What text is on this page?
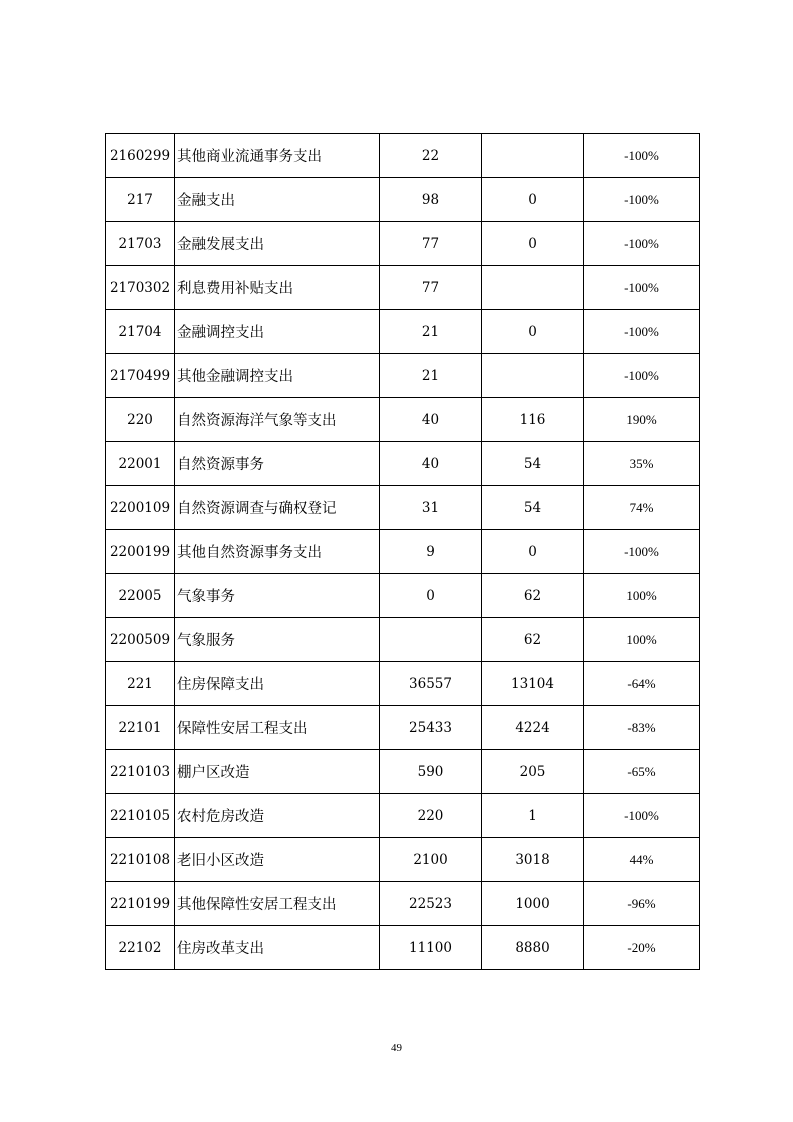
2160299	其他商业流通事务支出	22		-100%
217	金融支出	98	0	-100%
21703	金融发展支出	77	0	-100%
2170302	利息费用补贴支出	77		-100%
21704	金融调控支出	21	0	-100%
2170499	其他金融调控支出	21		-100%
220	自然资源海洋气象等支出	40	116	190%
22001	自然资源事务	40	54	35%
2200109	自然资源调查与确权登记	31	54	74%
2200199	其他自然资源事务支出	9	0	-100%
22005	气象事务	0	62	100%
2200509	气象服务		62	100%
221	住房保障支出	36557	13104	-64%
22101	保障性安居工程支出	25433	4224	-83%
2210103	棚户区改造	590	205	-65%
2210105	农村危房改造	220	1	-100%
2210108	老旧小区改造	2100	3018	44%
2210199	其他保障性安居工程支出	22523	1000	-96%
22102	住房改革支出	11100	8880	-20%
49
